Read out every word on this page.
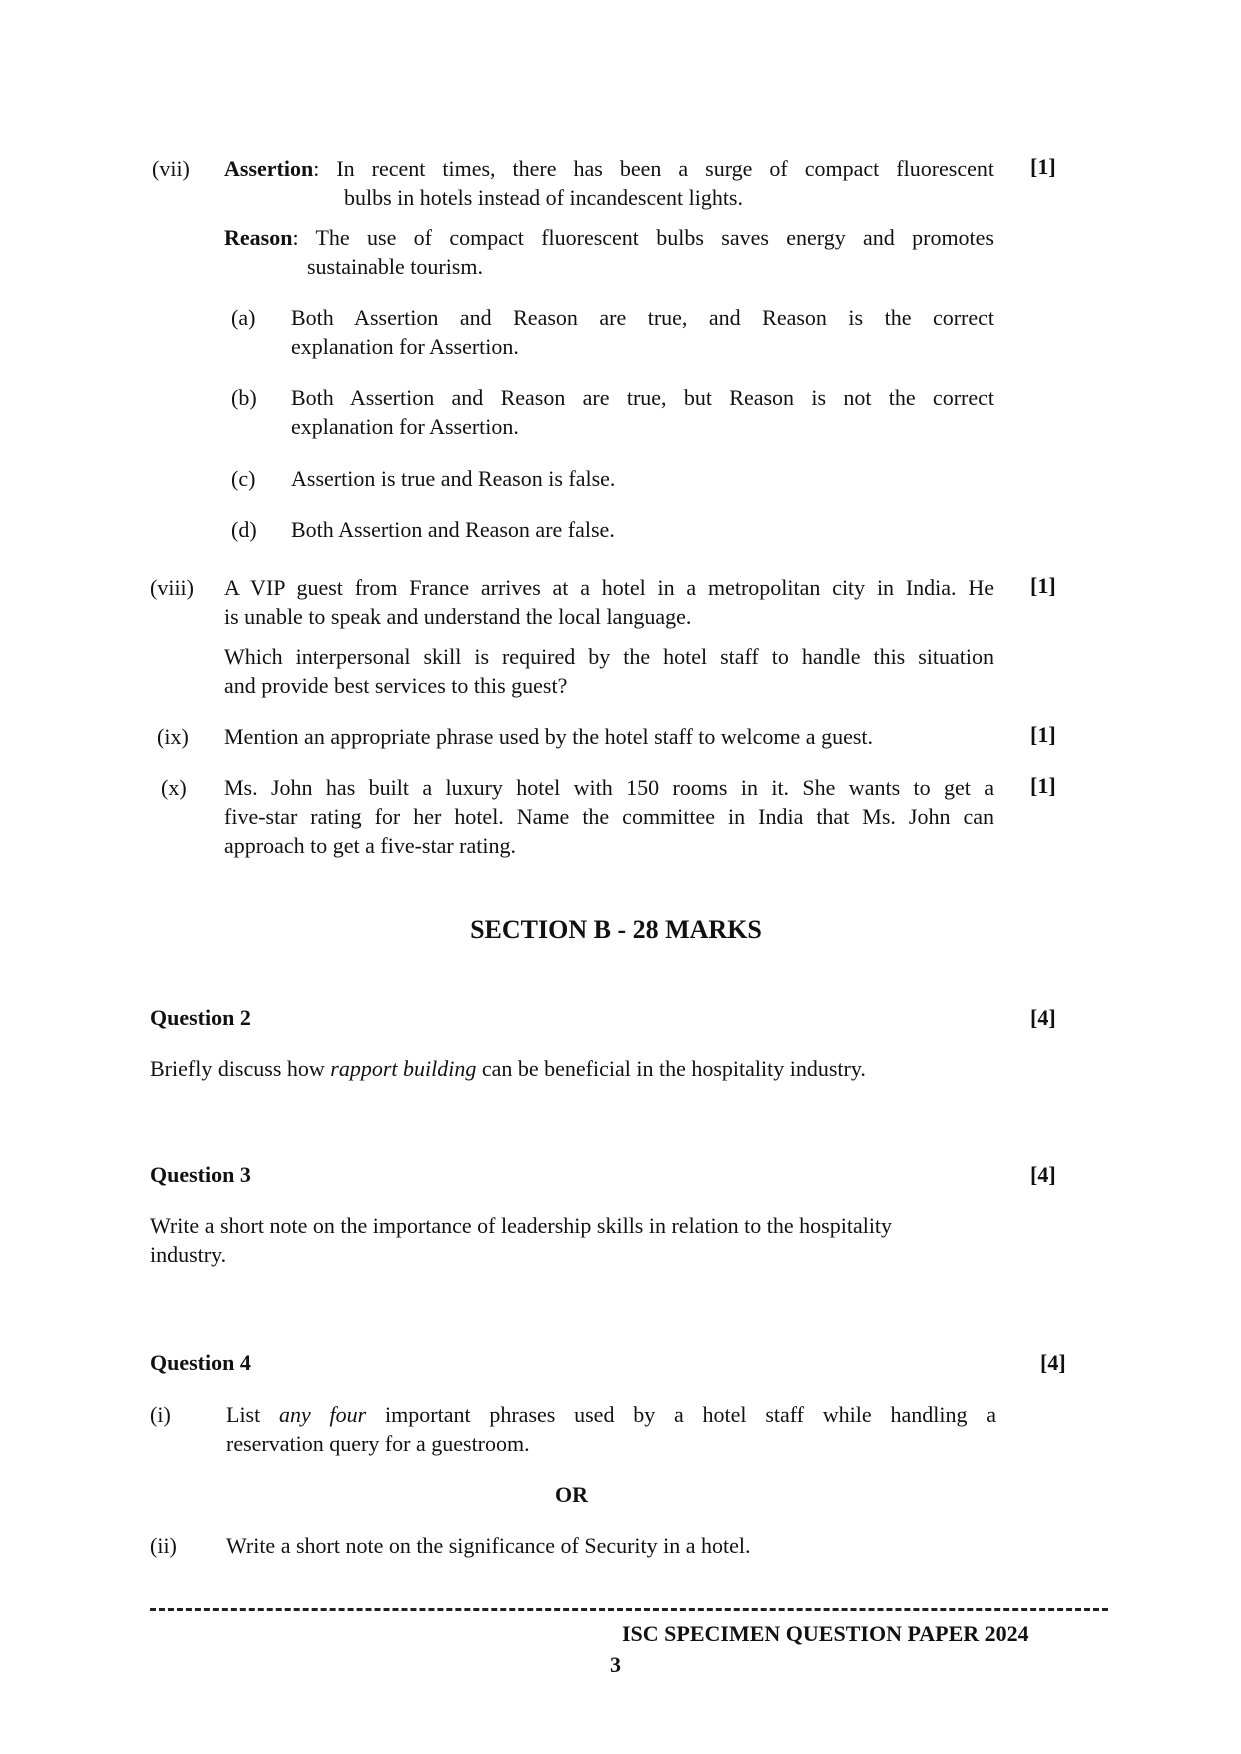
(vii) Assertion: In recent times, there has been a surge of compact fluorescent
bulbs in hotels instead of incandescent lights.
[1]
Reason: The use of compact fluorescent bulbs saves energy and promotes
sustainable tourism.
(a) Both Assertion and Reason are true, and Reason is the correct
explanation for Assertion.
(b) Both Assertion and Reason are true, but Reason is not the correct
explanation for Assertion.
(c) Assertion is true and Reason is false.
(d) Both Assertion and Reason are false.
(viii) A VIP guest from France arrives at a hotel in a metropolitan city in India. He
is unable to speak and understand the local language.
Which interpersonal skill is required by the hotel staff to handle this situation
and provide best services to this guest?
[1]
(ix) Mention an appropriate phrase used by the hotel staff to welcome a guest.	[1]
(x) Ms. John has built a luxury hotel with 150 rooms in it. She wants to get a
five-star rating for her hotel. Name the committee in India that Ms. John can
approach to get a five-star rating.
[1]
SECTION B - 28 MARKS
Question 2	[4]
Briefly discuss how rapport building can be beneficial in the hospitality industry.
Question 3	[4]
Write a short note on the importance of leadership skills in relation to the hospitality
industry.
Question 4	[4]
(i)	List any four important phrases used by a hotel staff while handling a
reservation query for a guestroom.
OR
(ii) Write a short note on the significance of Security in a hotel.
ISC SPECIMEN QUESTION PAPER 2024
3
